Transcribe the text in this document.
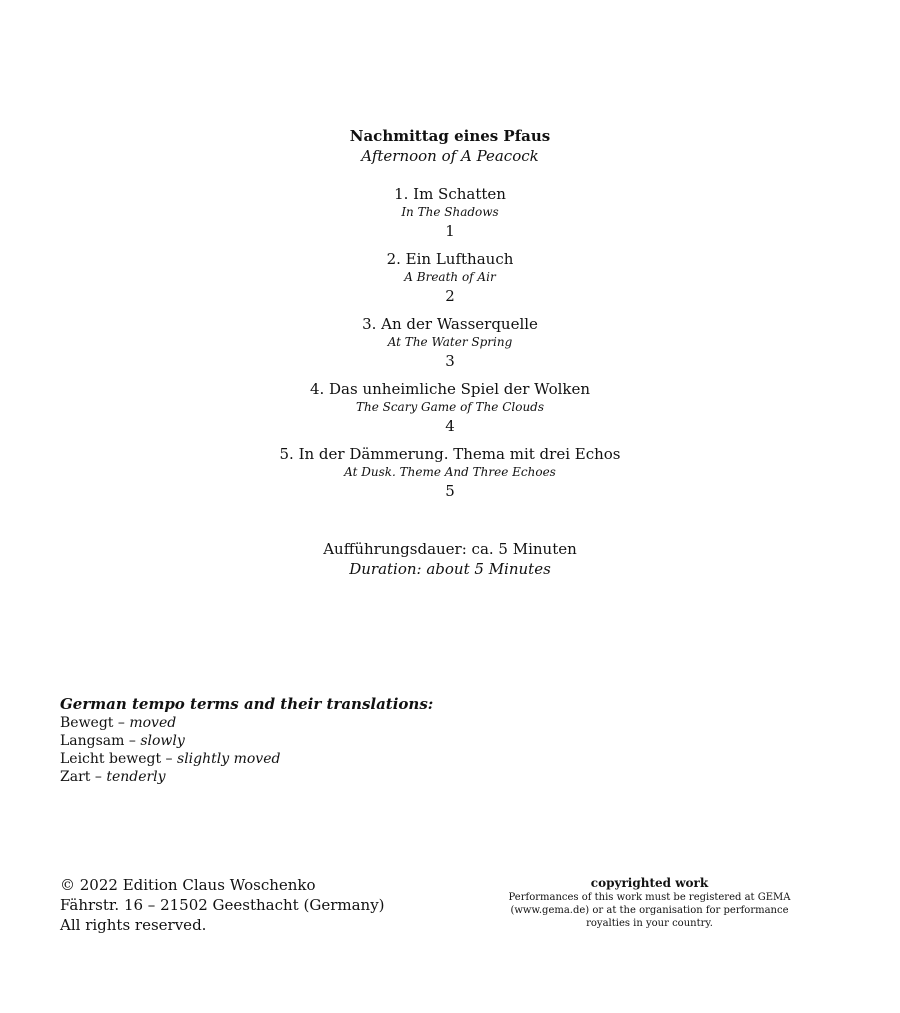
Nachmittag eines Pfaus
Afternoon of A Peacock
1. Im Schatten
In The Shadows
1
2. Ein Lufthauch
A Breath of Air
2
3. An der Wasserquelle
At The Water Spring
3
4. Das unheimliche Spiel der Wolken
The Scary Game of The Clouds
4
5. In der Dämmerung. Thema mit drei Echos
At Dusk. Theme And Three Echoes
5
Aufführungsdauer: ca. 5 Minuten
Duration: about 5 Minutes
German tempo terms and their translations:
Bewegt – moved
Langsam – slowly
Leicht bewegt – slightly moved
Zart – tenderly
© 2022 Edition Claus Woschenko
Fährstr. 16 – 21502 Geesthacht (Germany)
All rights reserved.
copyrighted work
Performances of this work must be registered at GEMA
(www.gema.de) or at the organisation for performance
royalties in your country.
